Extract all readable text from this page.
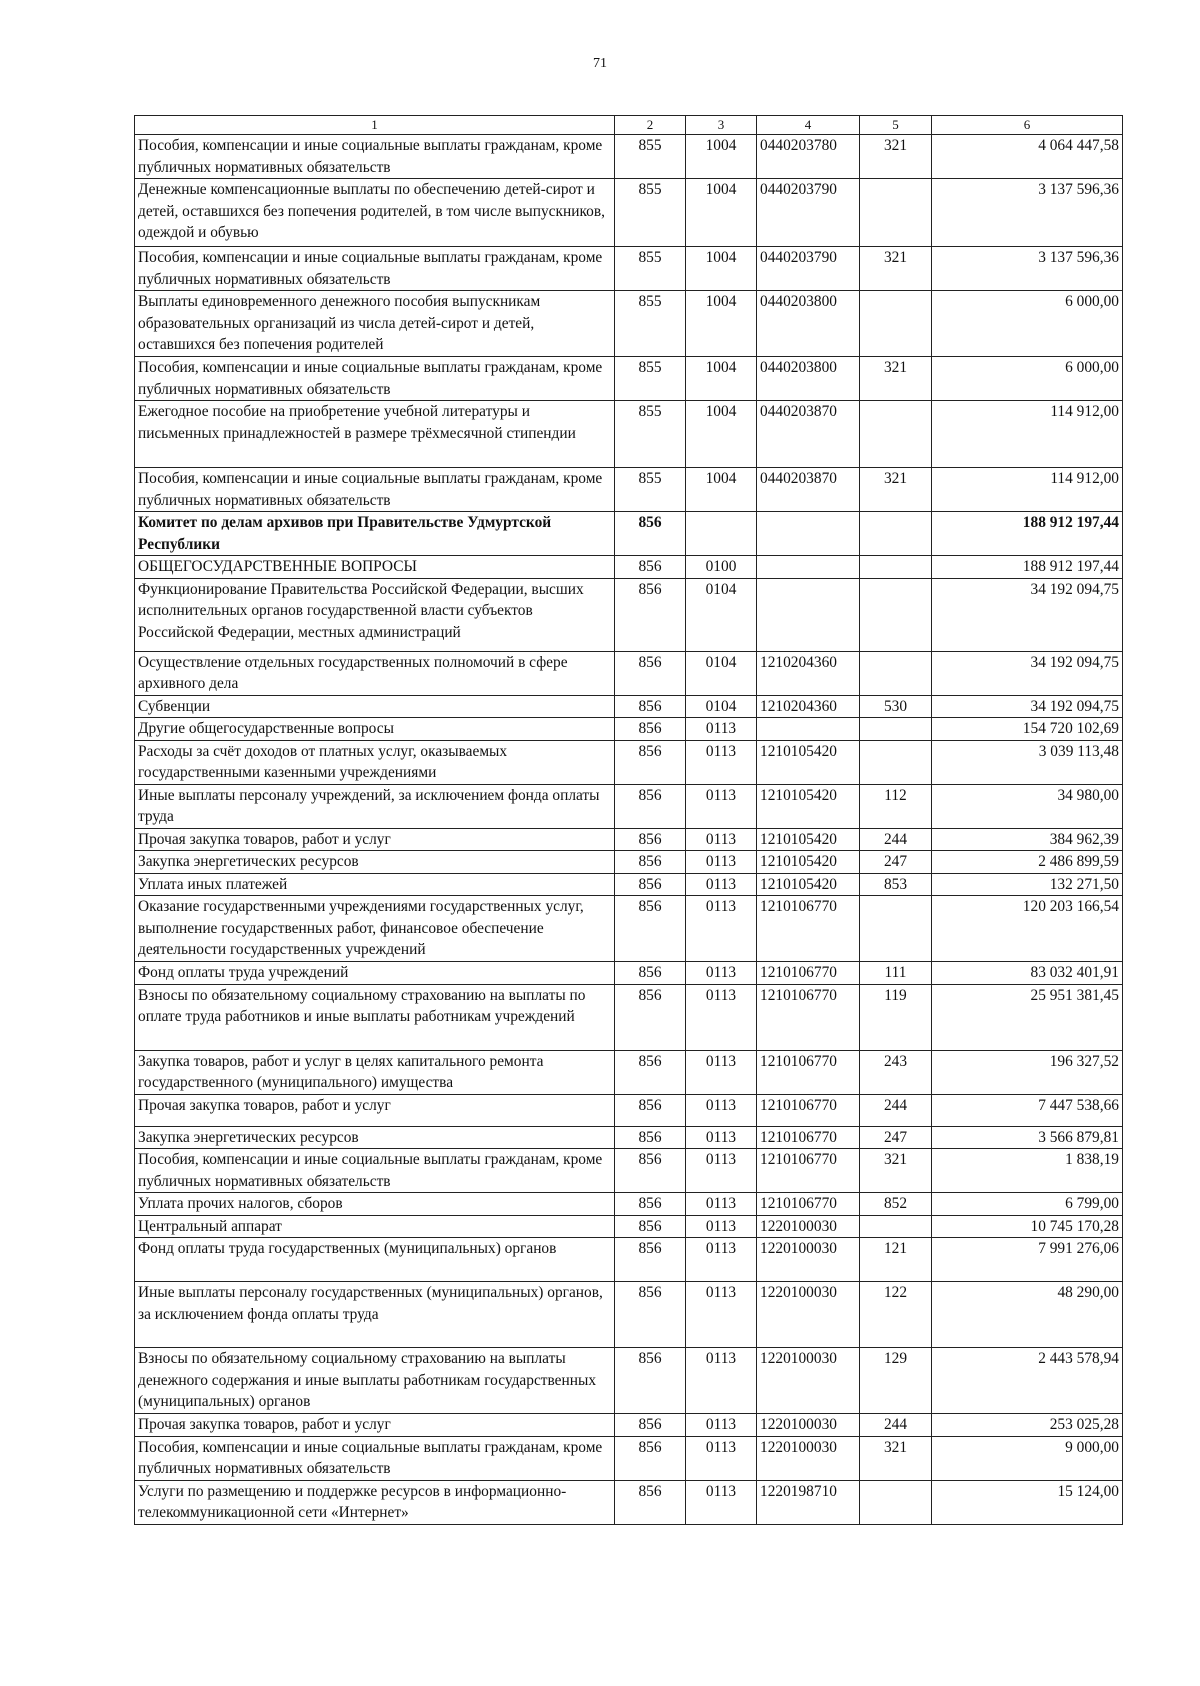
71
1	2	3	4	5	6
Пособия, компенсации и иные социальные выплаты гражданам, кроме публичных нормативных обязательств	855	1004	0440203780	321	4 064 447,58
Денежные компенсационные выплаты по обеспечению детей-сирот и детей, оставшихся без попечения родителей, в том числе выпускников, одеждой и обувью	855	1004	0440203790		3 137 596,36
Пособия, компенсации и иные социальные выплаты гражданам, кроме публичных нормативных обязательств	855	1004	0440203790	321	3 137 596,36
Выплаты единовременного денежного пособия выпускникам образовательных организаций из числа детей-сирот и детей, оставшихся без попечения родителей	855	1004	0440203800		6 000,00
Пособия, компенсации и иные социальные выплаты гражданам, кроме публичных нормативных обязательств	855	1004	0440203800	321	6 000,00
Ежегодное пособие на приобретение учебной литературы и письменных принадлежностей в размере трёхмесячной стипендии	855	1004	0440203870		114 912,00
Пособия, компенсации и иные социальные выплаты гражданам, кроме публичных нормативных обязательств	855	1004	0440203870	321	114 912,00
Комитет по делам архивов при Правительстве Удмуртской Республики	856				188 912 197,44
ОБЩЕГОСУДАРСТВЕННЫЕ ВОПРОСЫ	856	0100			188 912 197,44
Функционирование Правительства Российской Федерации, высших исполнительных органов государственной власти субъектов Российской Федерации, местных администраций	856	0104			34 192 094,75
Осуществление отдельных государственных полномочий в сфере архивного дела	856	0104	1210204360		34 192 094,75
Субвенции	856	0104	1210204360	530	34 192 094,75
Другие общегосударственные вопросы	856	0113			154 720 102,69
Расходы за счёт доходов от платных услуг, оказываемых государственными казенными учреждениями	856	0113	1210105420		3 039 113,48
Иные выплаты персоналу учреждений, за исключением фонда оплаты труда	856	0113	1210105420	112	34 980,00
Прочая закупка товаров, работ и услуг	856	0113	1210105420	244	384 962,39
Закупка энергетических ресурсов	856	0113	1210105420	247	2 486 899,59
Уплата иных платежей	856	0113	1210105420	853	132 271,50
Оказание государственными учреждениями государственных услуг, выполнение государственных работ, финансовое обеспечение деятельности государственных учреждений	856	0113	1210106770		120 203 166,54
Фонд оплаты труда учреждений	856	0113	1210106770	111	83 032 401,91
Взносы по обязательному социальному страхованию на выплаты по оплате труда работников и иные выплаты работникам учреждений	856	0113	1210106770	119	25 951 381,45
Закупка товаров, работ и услуг в целях капитального ремонта государственного (муниципального) имущества	856	0113	1210106770	243	196 327,52
Прочая закупка товаров, работ и услуг	856	0113	1210106770	244	7 447 538,66
Закупка энергетических ресурсов	856	0113	1210106770	247	3 566 879,81
Пособия, компенсации и иные социальные выплаты гражданам, кроме публичных нормативных обязательств	856	0113	1210106770	321	1 838,19
Уплата прочих налогов, сборов	856	0113	1210106770	852	6 799,00
Центральный аппарат	856	0113	1220100030		10 745 170,28
Фонд оплаты труда государственных (муниципальных) органов	856	0113	1220100030	121	7 991 276,06
Иные выплаты персоналу государственных (муниципальных) органов, за исключением фонда оплаты труда	856	0113	1220100030	122	48 290,00
Взносы по обязательному социальному страхованию на выплаты денежного содержания и иные выплаты работникам государственных (муниципальных) органов	856	0113	1220100030	129	2 443 578,94
Прочая закупка товаров, работ и услуг	856	0113	1220100030	244	253 025,28
Пособия, компенсации и иные социальные выплаты гражданам, кроме публичных нормативных обязательств	856	0113	1220100030	321	9 000,00
Услуги по размещению и поддержке ресурсов в информационно-телекоммуникационной сети «Интернет»	856	0113	1220198710		15 124,00
